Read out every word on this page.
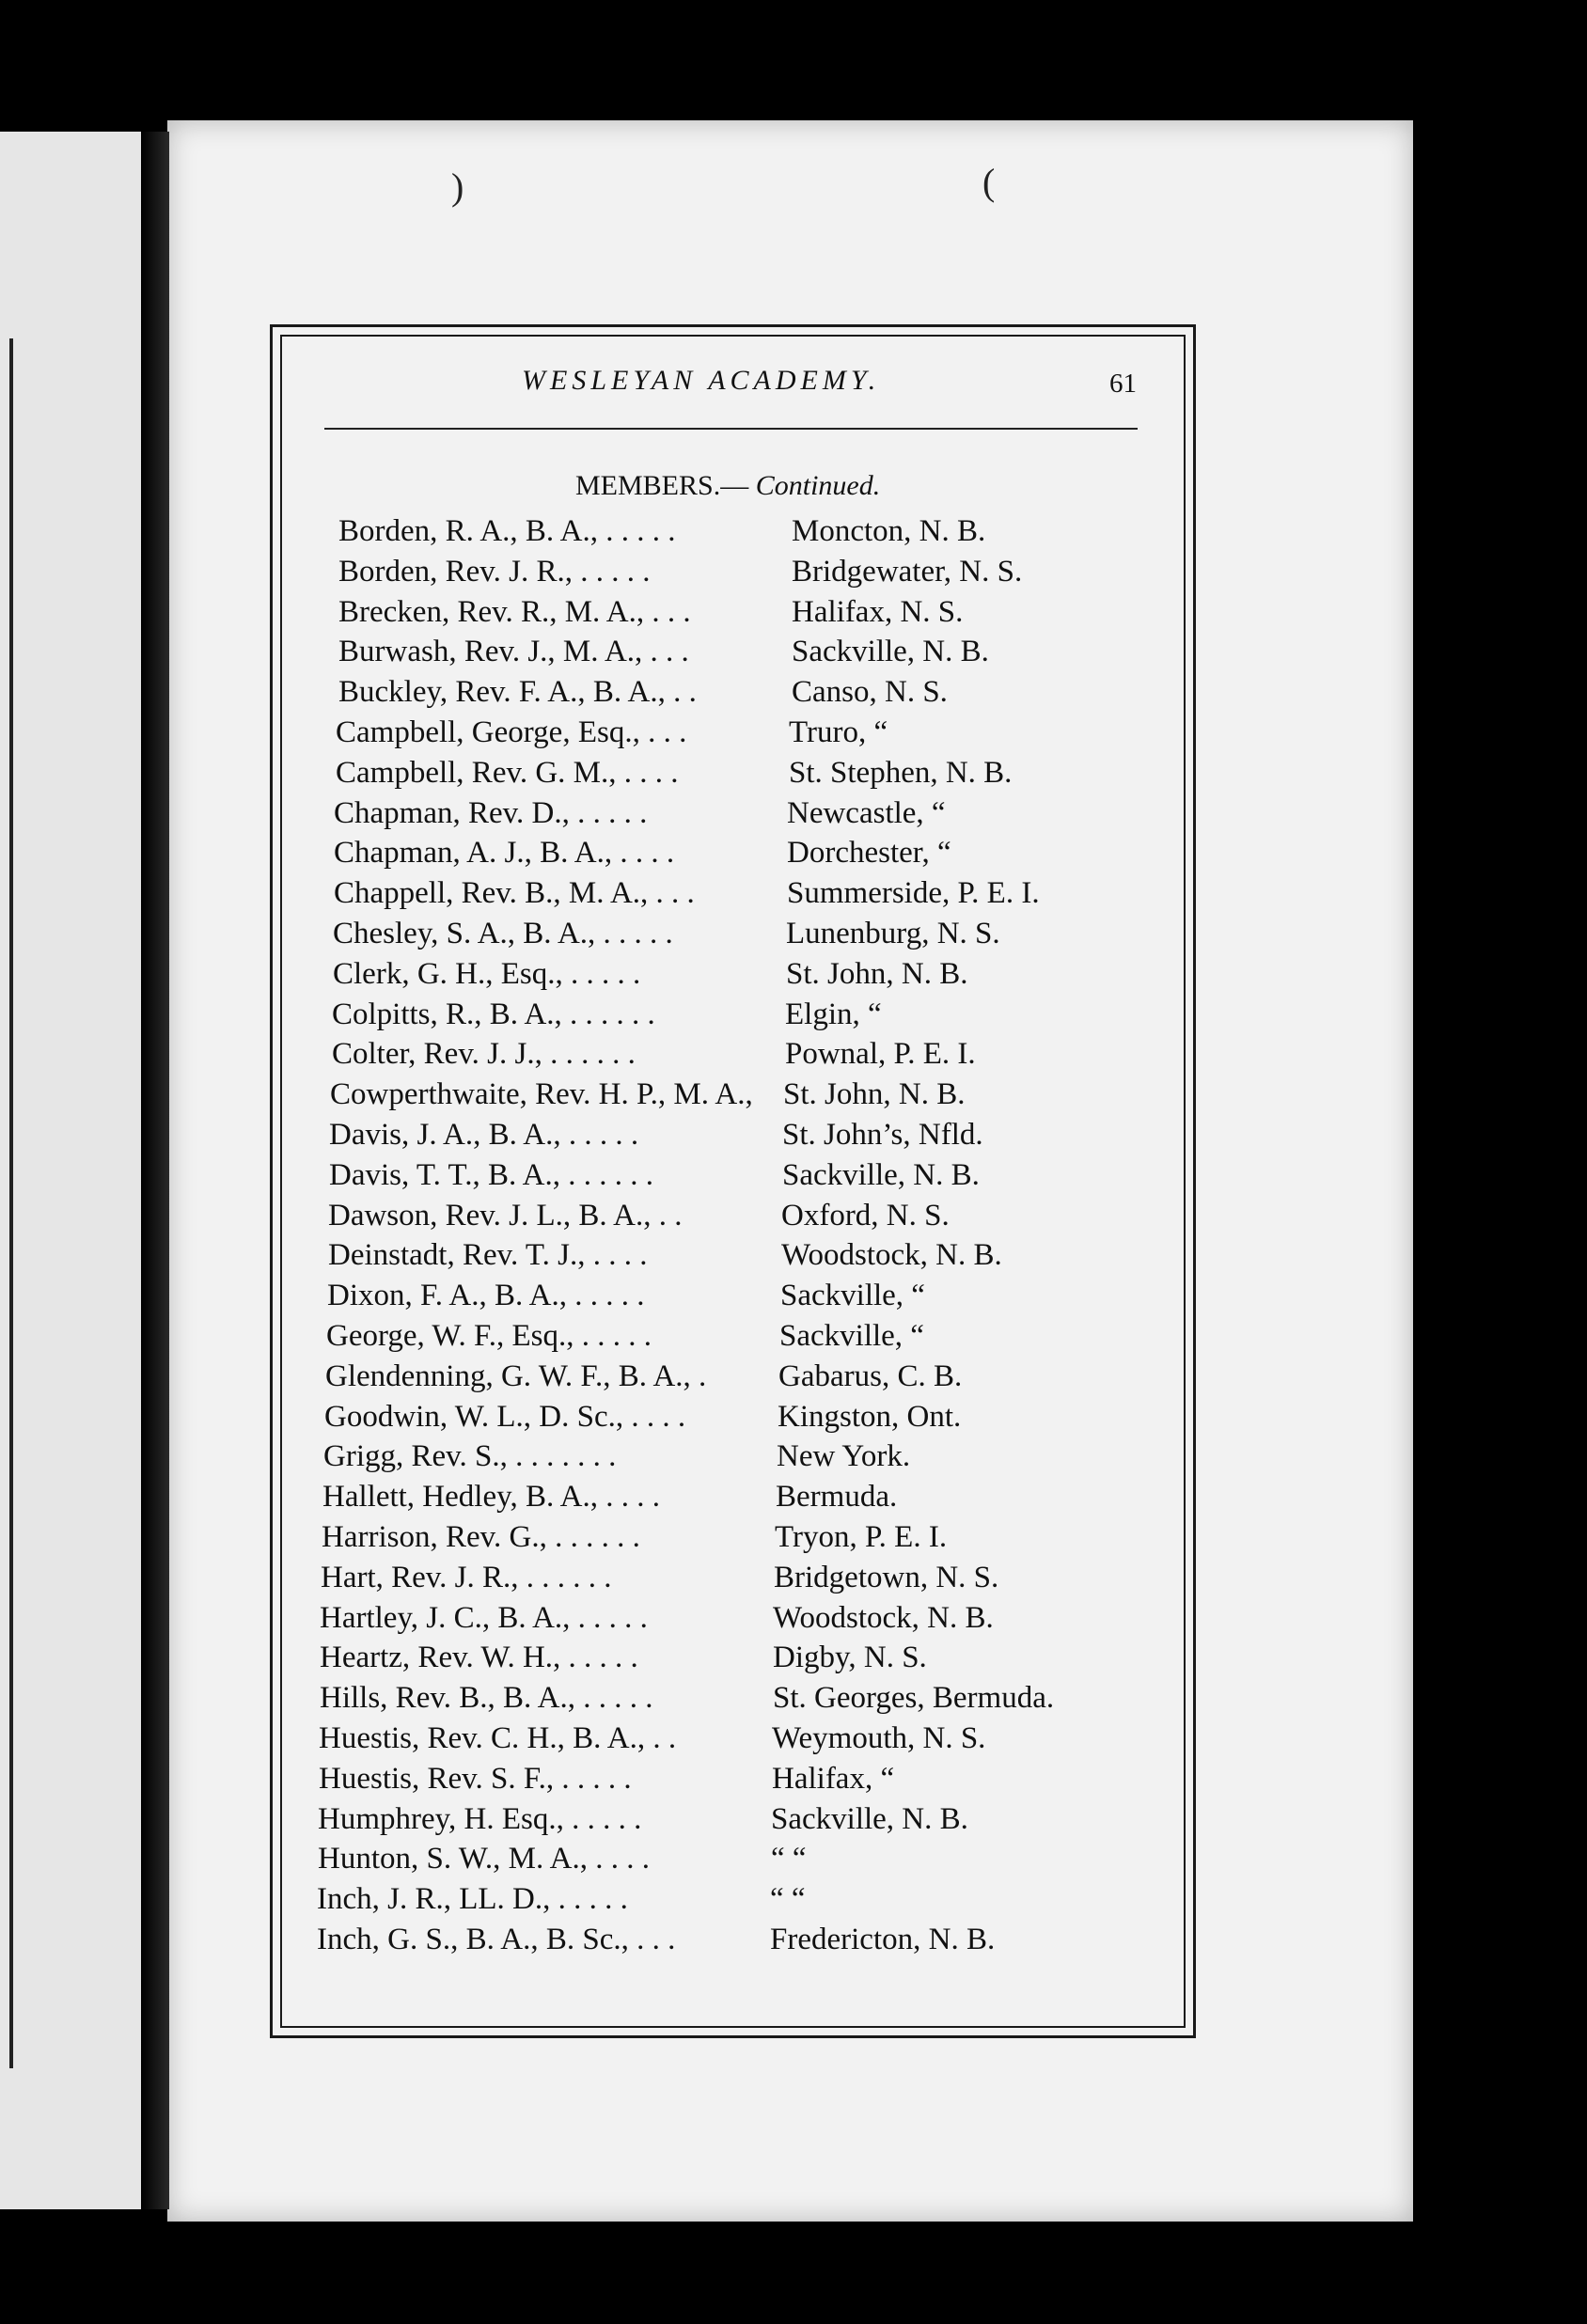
)	(
WESLEYAN ACADEMY.	61
MEMBERS.— Continued.
Borden, R. A., B. A., . . . . .	Moncton, N. B.
Borden, Rev. J. R., . . . . .	Bridgewater, N. S.
Brecken, Rev. R., M. A., . . .	Halifax, N. S.
Burwash, Rev. J., M. A., . . .	Sackville, N. B.
Buckley, Rev. F. A., B. A., . .	Canso, N. S.
Campbell, George, Esq., . . .	Truro, “
Campbell, Rev. G. M., . . . .	St. Stephen, N. B.
Chapman, Rev. D., . . . . .	Newcastle, “
Chapman, A. J., B. A., . . . .	Dorchester, “
Chappell, Rev. B., M. A., . . .	Summerside, P. E. I.
Chesley, S. A., B. A., . . . . .	Lunenburg, N. S.
Clerk, G. H., Esq., . . . . .	St. John, N. B.
Colpitts, R., B. A., . . . . . .	Elgin, “
Colter, Rev. J. J., . . . . . .	Pownal, P. E. I.
Cowperthwaite, Rev. H. P., M. A., St. John, N. B.
Davis, J. A., B. A., . . . . .	St. John’s, Nfld.
Davis, T. T., B. A., . . . . . .	Sackville, N. B.
Dawson, Rev. J. L., B. A., . .	Oxford, N. S.
Deinstadt, Rev. T. J., . . . .	Woodstock, N. B.
Dixon, F. A., B. A., . . . . .	Sackville, “
George, W. F., Esq., . . . . .	Sackville, “
Glendenning, G. W. F., B. A., . Gabarus, C. B.
Goodwin, W. L., D. Sc., . . . .	Kingston, Ont.
Grigg, Rev. S., . . . . . . .	New York.
Hallett, Hedley, B. A., . . . .	Bermuda.
Harrison, Rev. G., . . . . . .	Tryon, P. E. I.
Hart, Rev. J. R., . . . . . .	Bridgetown, N. S.
Hartley, J. C., B. A., . . . . .	Woodstock, N. B.
Heartz, Rev. W. H., . . . . .	Digby, N. S.
Hills, Rev. B., B. A., . . . . .	St. Georges, Bermuda.
Huestis, Rev. C. H., B. A., . .	Weymouth, N. S.
Huestis, Rev. S. F., . . . . .	Halifax, “
Humphrey, H. Esq., . . . . .	Sackville, N. B.
Hunton, S. W., M. A., . . . .	“ “
Inch, J. R., LL. D., . . . . .	“ “
Inch, G. S., B. A., B. Sc., . . .	Fredericton, N. B.
